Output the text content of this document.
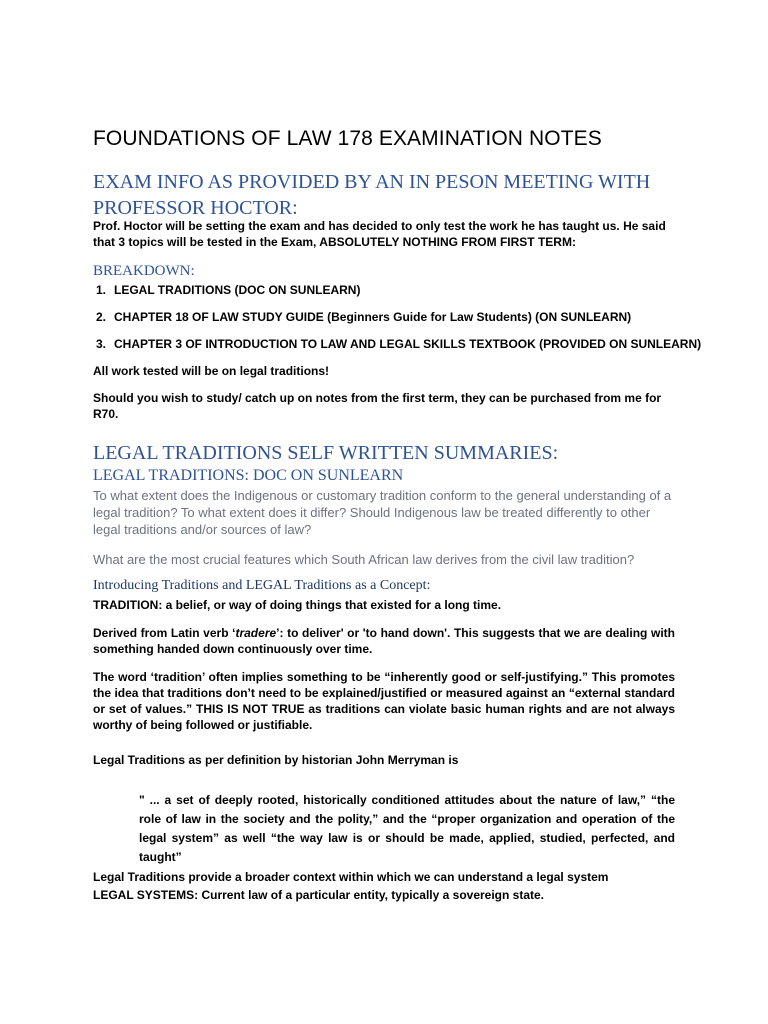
FOUNDATIONS OF LAW 178 EXAMINATION NOTES
EXAM INFO AS PROVIDED BY AN IN PESON MEETING WITH PROFESSOR HOCTOR:
Prof. Hoctor will be setting the exam and has decided to only test the work he has taught us. He said that 3 topics will be tested in the Exam, ABSOLUTELY NOTHING FROM FIRST TERM:
BREAKDOWN:
1. LEGAL TRADITIONS (DOC ON SUNLEARN)
2. CHAPTER 18 OF LAW STUDY GUIDE (Beginners Guide for Law Students) (ON SUNLEARN)
3. CHAPTER 3 OF INTRODUCTION TO LAW AND LEGAL SKILLS TEXTBOOK (PROVIDED ON SUNLEARN)
All work tested will be on legal traditions!
Should you wish to study/ catch up on notes from the first term, they can be purchased from me for R70.
LEGAL TRADITIONS SELF WRITTEN SUMMARIES:
LEGAL TRADITIONS: DOC ON SUNLEARN
To what extent does the Indigenous or customary tradition conform to the general understanding of a legal tradition? To what extent does it differ? Should Indigenous law be treated differently to other legal traditions and/or sources of law?
What are the most crucial features which South African law derives from the civil law tradition?
Introducing Traditions and LEGAL Traditions as a Concept:
TRADITION: a belief, or way of doing things that existed for a long time.
Derived from Latin verb ‘tradere’: to deliver' or 'to hand down'. This suggests that we are dealing with something handed down continuously over time.
The word ‘tradition’ often implies something to be “inherently good or self-justifying.” This promotes the idea that traditions don’t need to be explained/justified or measured against an “external standard or set of values.” THIS IS NOT TRUE as traditions can violate basic human rights and are not always worthy of being followed or justifiable.
Legal Traditions as per definition by historian John Merryman is
" ... a set of deeply rooted, historically conditioned attitudes about the nature of law,” “the role of law in the society and the polity,” and the “proper organization and operation of the legal system” as well “the way law is or should be made, applied, studied, perfected, and taught”
Legal Traditions provide a broader context within which we can understand a legal system
LEGAL SYSTEMS: Current law of a particular entity, typically a sovereign state.
